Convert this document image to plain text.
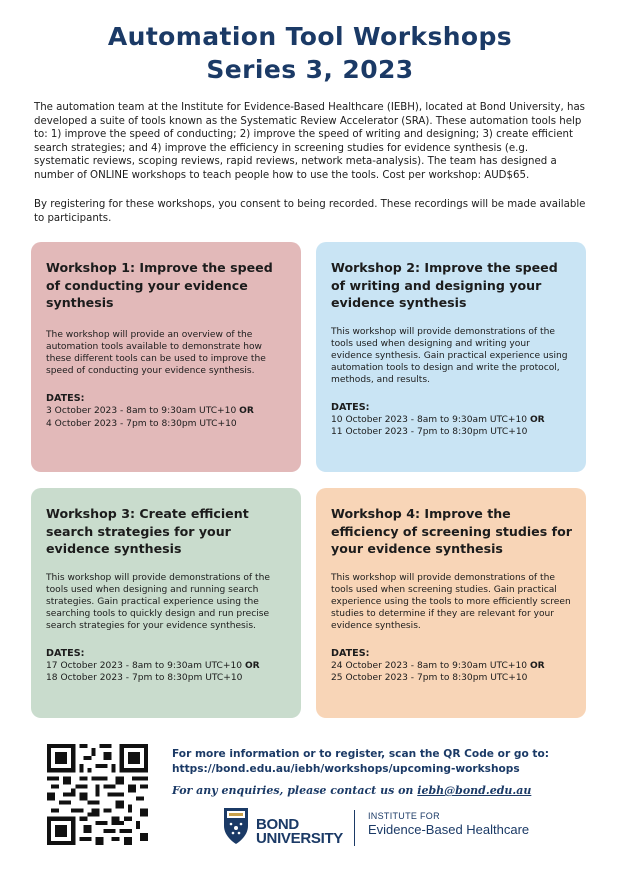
Automation Tool Workshops
Series 3, 2023
The automation team at the Institute for Evidence-Based Healthcare (IEBH), located at Bond University, has developed a suite of tools known as the Systematic Review Accelerator (SRA). These automation tools help to: 1) improve the speed of conducting; 2) improve the speed of writing and designing; 3) create efficient search strategies; and 4) improve the efficiency in screening studies for evidence synthesis (e.g. systematic reviews, scoping reviews, rapid reviews, network meta-analysis). The team has designed a number of ONLINE workshops to teach people how to use the tools. Cost per workshop: AUD$65.
By registering for these workshops, you consent to being recorded. These recordings will be made available to participants.
Workshop 1: Improve the speed of conducting your evidence synthesis
The workshop will provide an overview of the automation tools available to demonstrate how these different tools can be used to improve the speed of conducting your evidence synthesis.
DATES:
3 October 2023 - 8am to 9:30am UTC+10 OR
4 October 2023 - 7pm to 8:30pm UTC+10
Workshop 2: Improve the speed of writing and designing your evidence synthesis
This workshop will provide demonstrations of the tools used when designing and writing your evidence synthesis. Gain practical experience using automation tools to design and write the protocol, methods, and results.
DATES:
10 October 2023 - 8am to 9:30am UTC+10 OR
11 October 2023 - 7pm to 8:30pm UTC+10
Workshop 3: Create efficient search strategies for your evidence synthesis
This workshop will provide demonstrations of the tools used when designing and running search strategies. Gain practical experience using the searching tools to quickly design and run precise search strategies for your evidence synthesis.
DATES:
17 October 2023 - 8am to 9:30am UTC+10 OR
18 October 2023 - 7pm to 8:30pm UTC+10
Workshop 4: Improve the efficiency of screening studies for your evidence synthesis
This workshop will provide demonstrations of the tools used when screening studies. Gain practical experience using the tools to more efficiently screen studies to determine if they are relevant for your evidence synthesis.
DATES:
24 October 2023 - 8am to 9:30am UTC+10 OR
25 October 2023 - 7pm to 8:30pm UTC+10
For more information or to register, scan the QR Code or go to:
https://bond.edu.au/iebh/workshops/upcoming-workshops
For any enquiries, please contact us on iebh@bond.edu.au
BOND
UNIVERSITY
INSTITUTE FOR
Evidence-Based Healthcare
